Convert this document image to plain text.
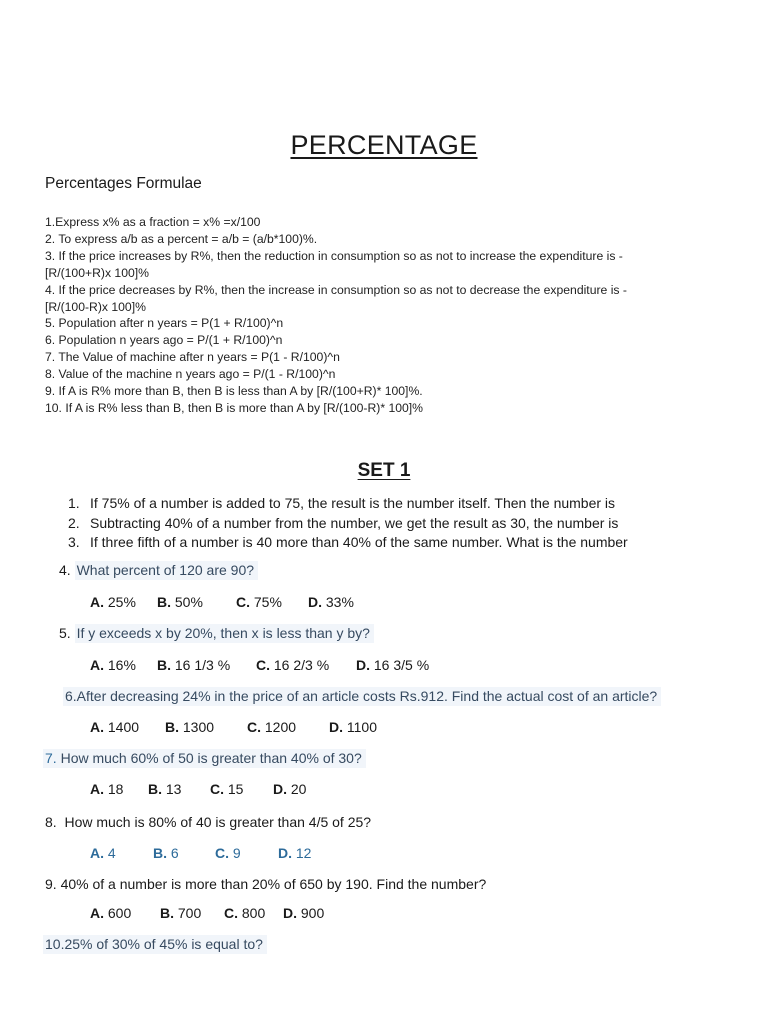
PERCENTAGE
Percentages Formulae
1.Express x% as a fraction = x% =x/100
2. To express a/b as a percent = a/b = (a/b*100)%.
3. If the price increases by R%, then the reduction in consumption so as not to increase the expenditure is -
[R/(100+R)x 100]%
4. If the price decreases by R%, then the increase in consumption so as not to decrease the expenditure is -
[R/(100-R)x 100]%
5. Population after n years = P(1 + R/100)^n
6. Population n years ago = P/(1 + R/100)^n
7. The Value of machine after n years = P(1 - R/100)^n
8. Value of the machine n years ago = P/(1 - R/100)^n
9. If A is R% more than B, then B is less than A by [R/(100+R)* 100]%.
10. If A is R% less than B, then B is more than A by [R/(100-R)* 100]%
SET 1
1. If 75% of a number is added to 75, the result is the number itself. Then the number is
2. Subtracting 40% of a number from the number, we get the result as 30, the number is
3. If three fifth of a number is 40 more than 40% of the same number. What is the number
4. What percent of 120 are 90?
A. 25% B. 50% C. 75% D. 33%
5. If y exceeds x by 20%, then x is less than y by?
A. 16% B. 16 1/3 % C. 16 2/3 % D. 16 3/5 %
6.After decreasing 24% in the price of an article costs Rs.912. Find the actual cost of an article?
A. 1400 B. 1300 C. 1200 D. 1100
7. How much 60% of 50 is greater than 40% of 30?
A. 18 B. 13 C. 15 D. 20
8.  How much is 80% of 40 is greater than 4/5 of 25?
A. 4	B. 6	C. 9	D. 12
9. 40% of a number is more than 20% of 650 by 190. Find the number?
A. 600 B. 700 C. 800 D. 900
10.25% of 30% of 45% is equal to?
